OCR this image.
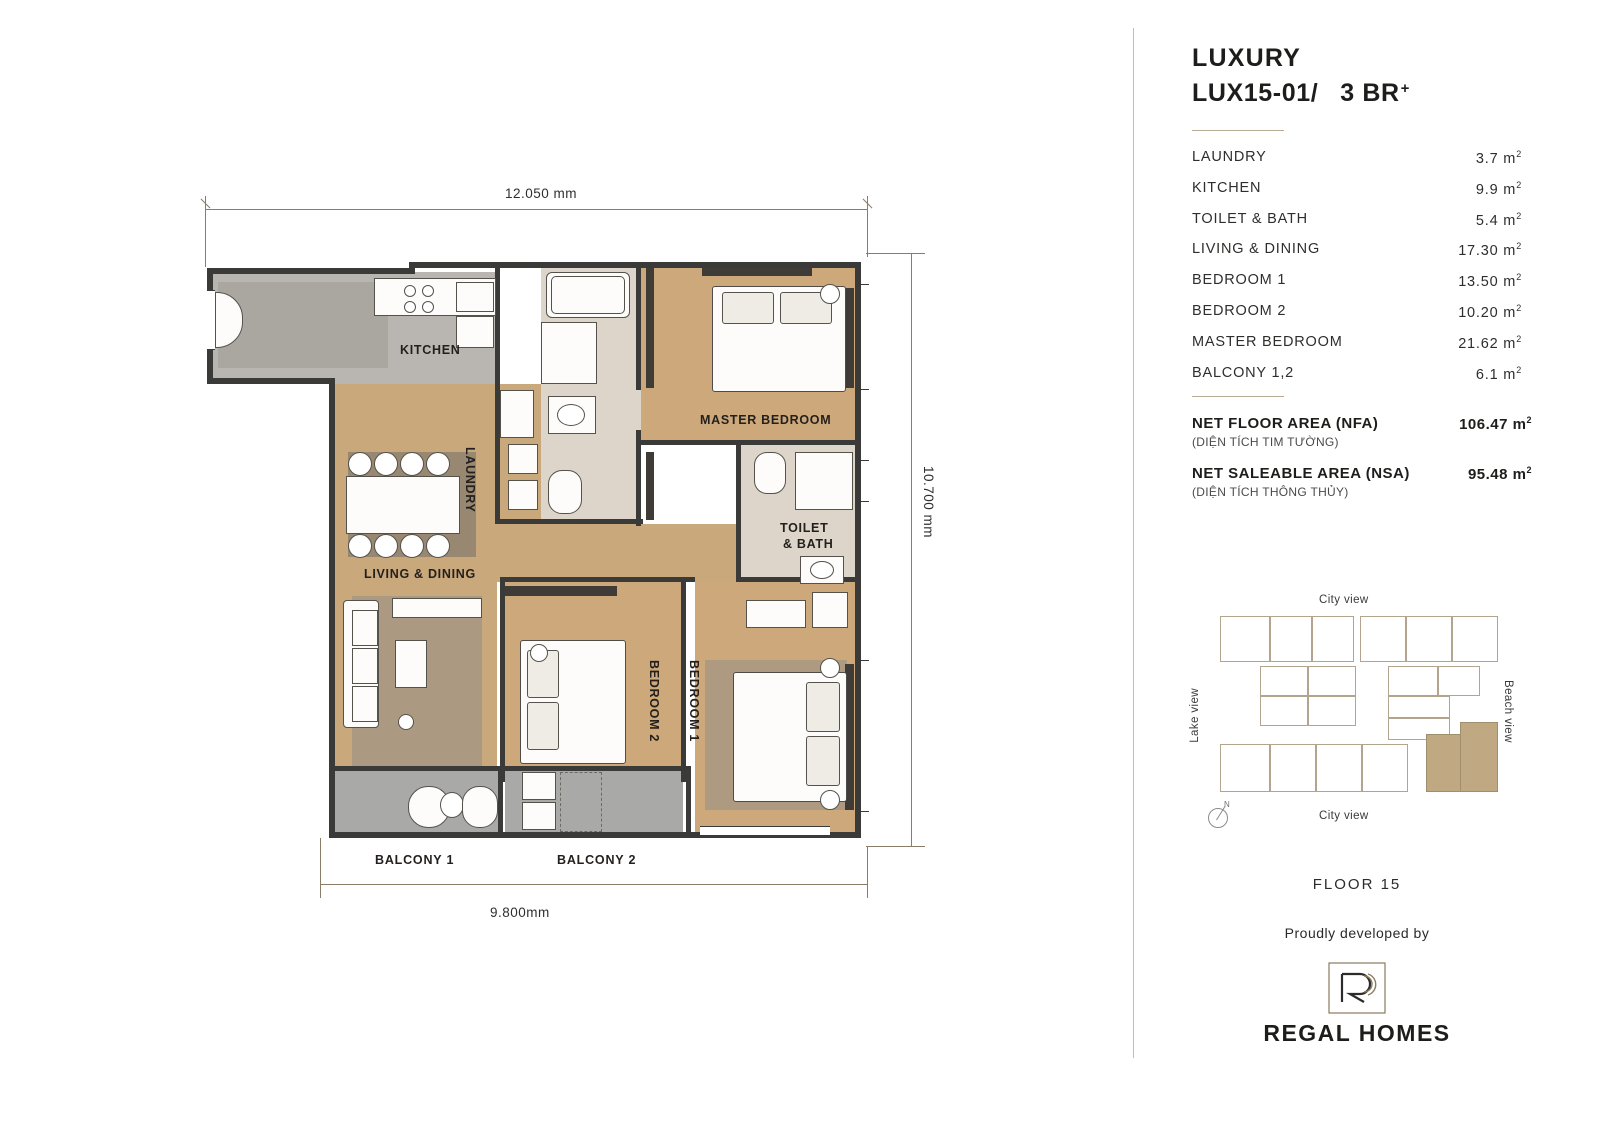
12.050 mm
10.700 mm
9.800mm
KITCHEN
MASTER BEDROOM
LAUNDRY
TOILET
& BATH
LIVING & DINING
BEDROOM 2 BEDROOM 1
BALCONY 1	BALCONY 2
LUXURY
LUX15-01/ 3 BR +
LAUNDRY	3.7 $m^2$
KITCHEN	9.9 $m^2$
TOILET & BATH	5.4 $m^2$
LIVING & DINING	17.30 $m^2$
BEDROOM 1	13.50 $m^2$
BEDROOM 2	10.20 $m^2$
MASTER BEDROOM	21.62 $m^2$
BALCONY 1,2	6.1 $m^2$
NET FLOOR AREA (NFA)	106.47 $m^2$
(DIỆN TÍCH TIM TƯỜNG)
NET SALEABLE AREA (NSA)	95.48 $m^2$
(DIỆN TÍCH THÔNG THỦY)
City view
City view
Lake view	Beach view
N
FLOOR 15
Proudly developed by
REGAL HOMES
